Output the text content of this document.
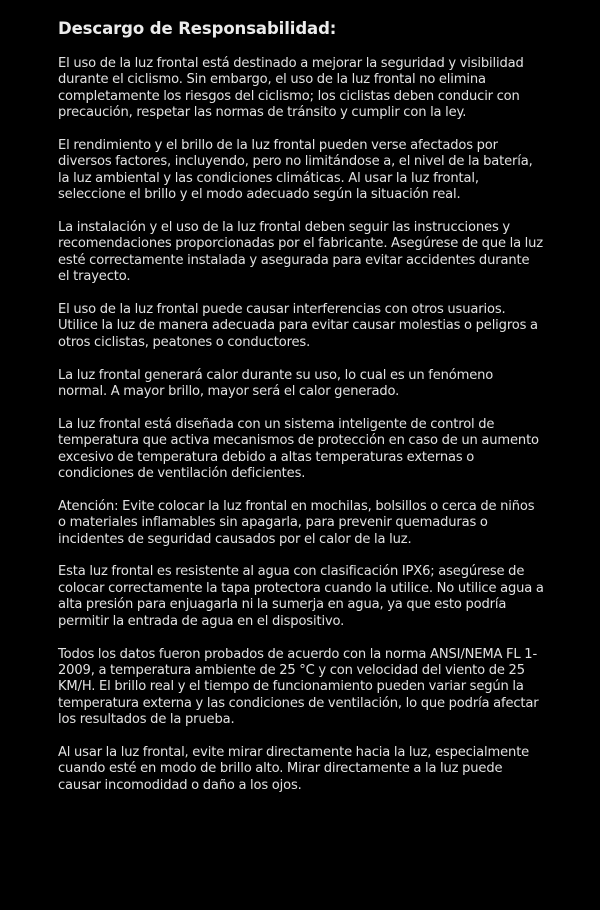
Descargo de Responsabilidad:

El uso de la luz frontal está destinado a mejorar la seguridad y visibilidad durante el ciclismo. Sin embargo, el uso de la luz frontal no elimina completamente los riesgos del ciclismo; los ciclistas deben conducir con precaución, respetar las normas de tránsito y cumplir con la ley.

El rendimiento y el brillo de la luz frontal pueden verse afectados por diversos factores, incluyendo, pero no limitándose a, el nivel de la batería, la luz ambiental y las condiciones climáticas. Al usar la luz frontal, seleccione el brillo y el modo adecuado según la situación real.

La instalación y el uso de la luz frontal deben seguir las instrucciones y recomendaciones proporcionadas por el fabricante. Asegúrese de que la luz esté correctamente instalada y asegurada para evitar accidentes durante el trayecto.

El uso de la luz frontal puede causar interferencias con otros usuarios. Utilice la luz de manera adecuada para evitar causar molestias o peligros a otros ciclistas, peatones o conductores.

La luz frontal generará calor durante su uso, lo cual es un fenómeno normal. A mayor brillo, mayor será el calor generado.

La luz frontal está diseñada con un sistema inteligente de control de temperatura que activa mecanismos de protección en caso de un aumento excesivo de temperatura debido a altas temperaturas externas o condiciones de ventilación deficientes.

Atención: Evite colocar la luz frontal en mochilas, bolsillos o cerca de niños o materiales inflamables sin apagarla, para prevenir quemaduras o incidentes de seguridad causados por el calor de la luz.

Esta luz frontal es resistente al agua con clasificación IPX6; asegúrese de colocar correctamente la tapa protectora cuando la utilice. No utilice agua a alta presión para enjuagarla ni la sumerja en agua, ya que esto podría permitir la entrada de agua en el dispositivo.

Todos los datos fueron probados de acuerdo con la norma ANSI/NEMA FL 1-2009, a temperatura ambiente de 25 °C y con velocidad del viento de 25 KM/H. El brillo real y el tiempo de funcionamiento pueden variar según la temperatura externa y las condiciones de ventilación, lo que podría afectar los resultados de la prueba.

Al usar la luz frontal, evite mirar directamente hacia la luz, especialmente cuando esté en modo de brillo alto. Mirar directamente a la luz puede causar incomodidad o daño a los ojos.
